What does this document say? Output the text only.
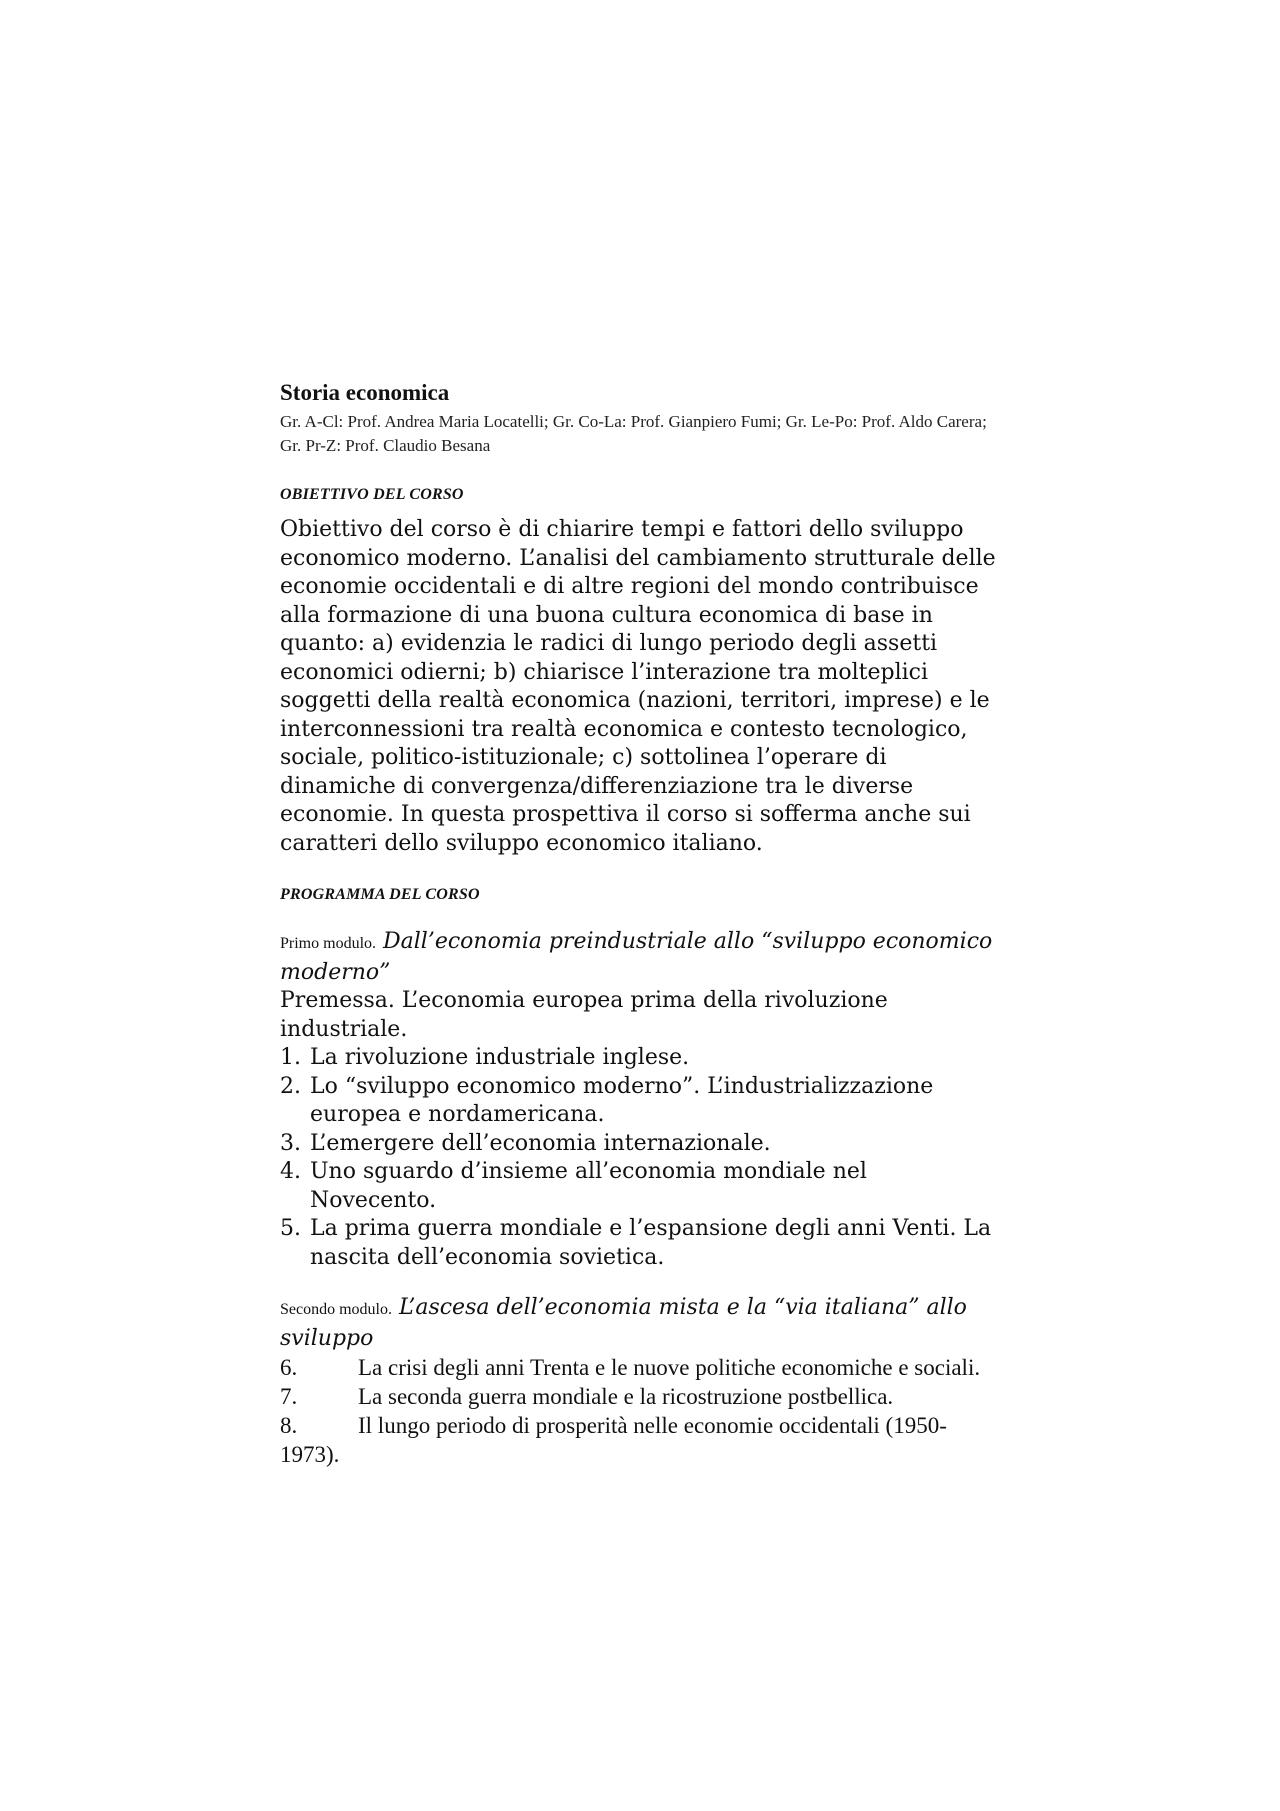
Storia economica

Gr. A-Cl: Prof. Andrea Maria Locatelli; Gr. Co-La: Prof. Gianpiero Fumi; Gr. Le-Po: Prof. Aldo Carera; Gr. Pr-Z: Prof. Claudio Besana

OBIETTIVO DEL CORSO

Obiettivo del corso è di chiarire tempi e fattori dello sviluppo economico moderno. L’analisi del cambiamento strutturale delle economie occidentali e di altre regioni del mondo contribuisce alla formazione di una buona cultura economica di base in quanto: a) evidenzia le radici di lungo periodo degli assetti economici odierni; b) chiarisce l’interazione tra molteplici soggetti della realtà economica (nazioni, territori, imprese) e le interconnessioni tra realtà economica e contesto tecnologico, sociale, politico-istituzionale; c) sottolinea l’operare di dinamiche di convergenza/differenziazione tra le diverse economie. In questa prospettiva il corso si sofferma anche sui caratteri dello sviluppo economico italiano.

PROGRAMMA DEL CORSO

Primo modulo. Dall’economia preindustriale allo “sviluppo economico moderno”

Premessa. L’economia europea prima della rivoluzione industriale.

1. La rivoluzione industriale inglese.
2. Lo “sviluppo economico moderno”. L’industrializzazione europea e nordamericana.
3. L’emergere dell’economia internazionale.
4. Uno sguardo d’insieme all’economia mondiale nel Novecento.
5. La prima guerra mondiale e l’espansione degli anni Venti. La nascita dell’economia sovietica.

Secondo modulo. L’ascesa dell’economia mista e la “via italiana” allo sviluppo

6.	La crisi degli anni Trenta e le nuove politiche economiche e sociali.

7.	La seconda guerra mondiale e la ricostruzione postbellica.

8.	Il lungo periodo di prosperità nelle economie occidentali (1950-1973).
